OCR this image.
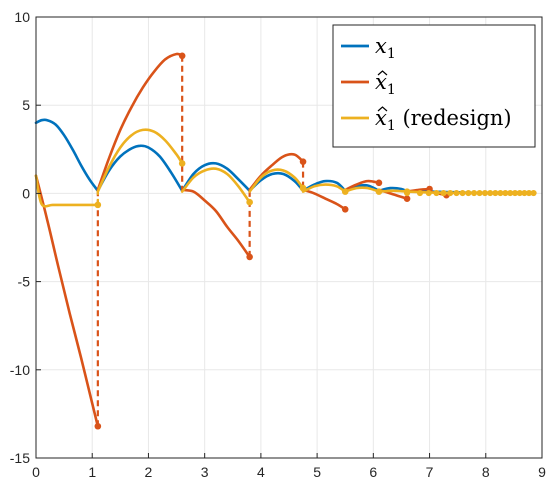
0	1	2	3	4	5	6	7	8	9
-15
-10
-5
0
5
10
$x_1$
$x_1$
$x_1$ (redesign)
